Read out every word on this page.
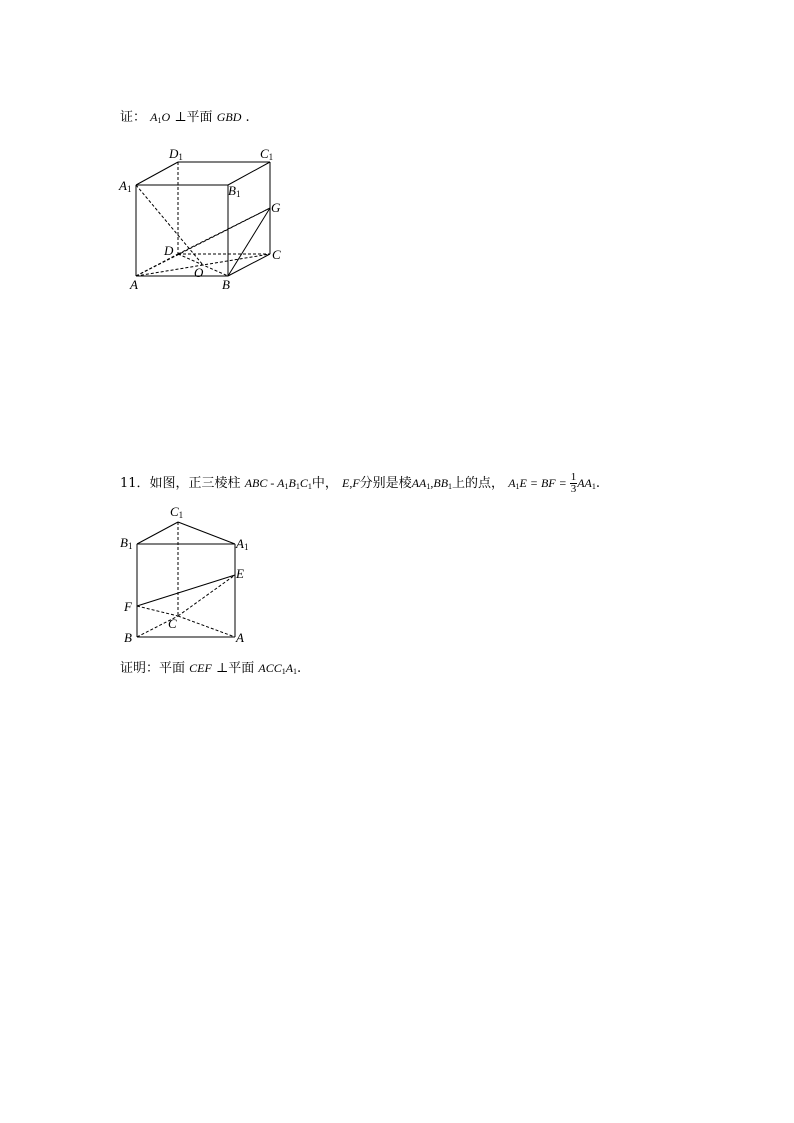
证： $A_1O$ ⊥平面 GBD .
D1	C1
A1	B1
G
D	C
O
A	B
11．如图，正三棱柱 ABC - $A_1B_1C_1$中， E,F分别是棱$AA_1,BB_1$上的点， $A_1E$ = BF = $\frac{1}{3} AA_1$.
C1
B1	A1
E
F
C
B	A
证明：平面 CEF ⊥平面 $ACC_1A_1$.
